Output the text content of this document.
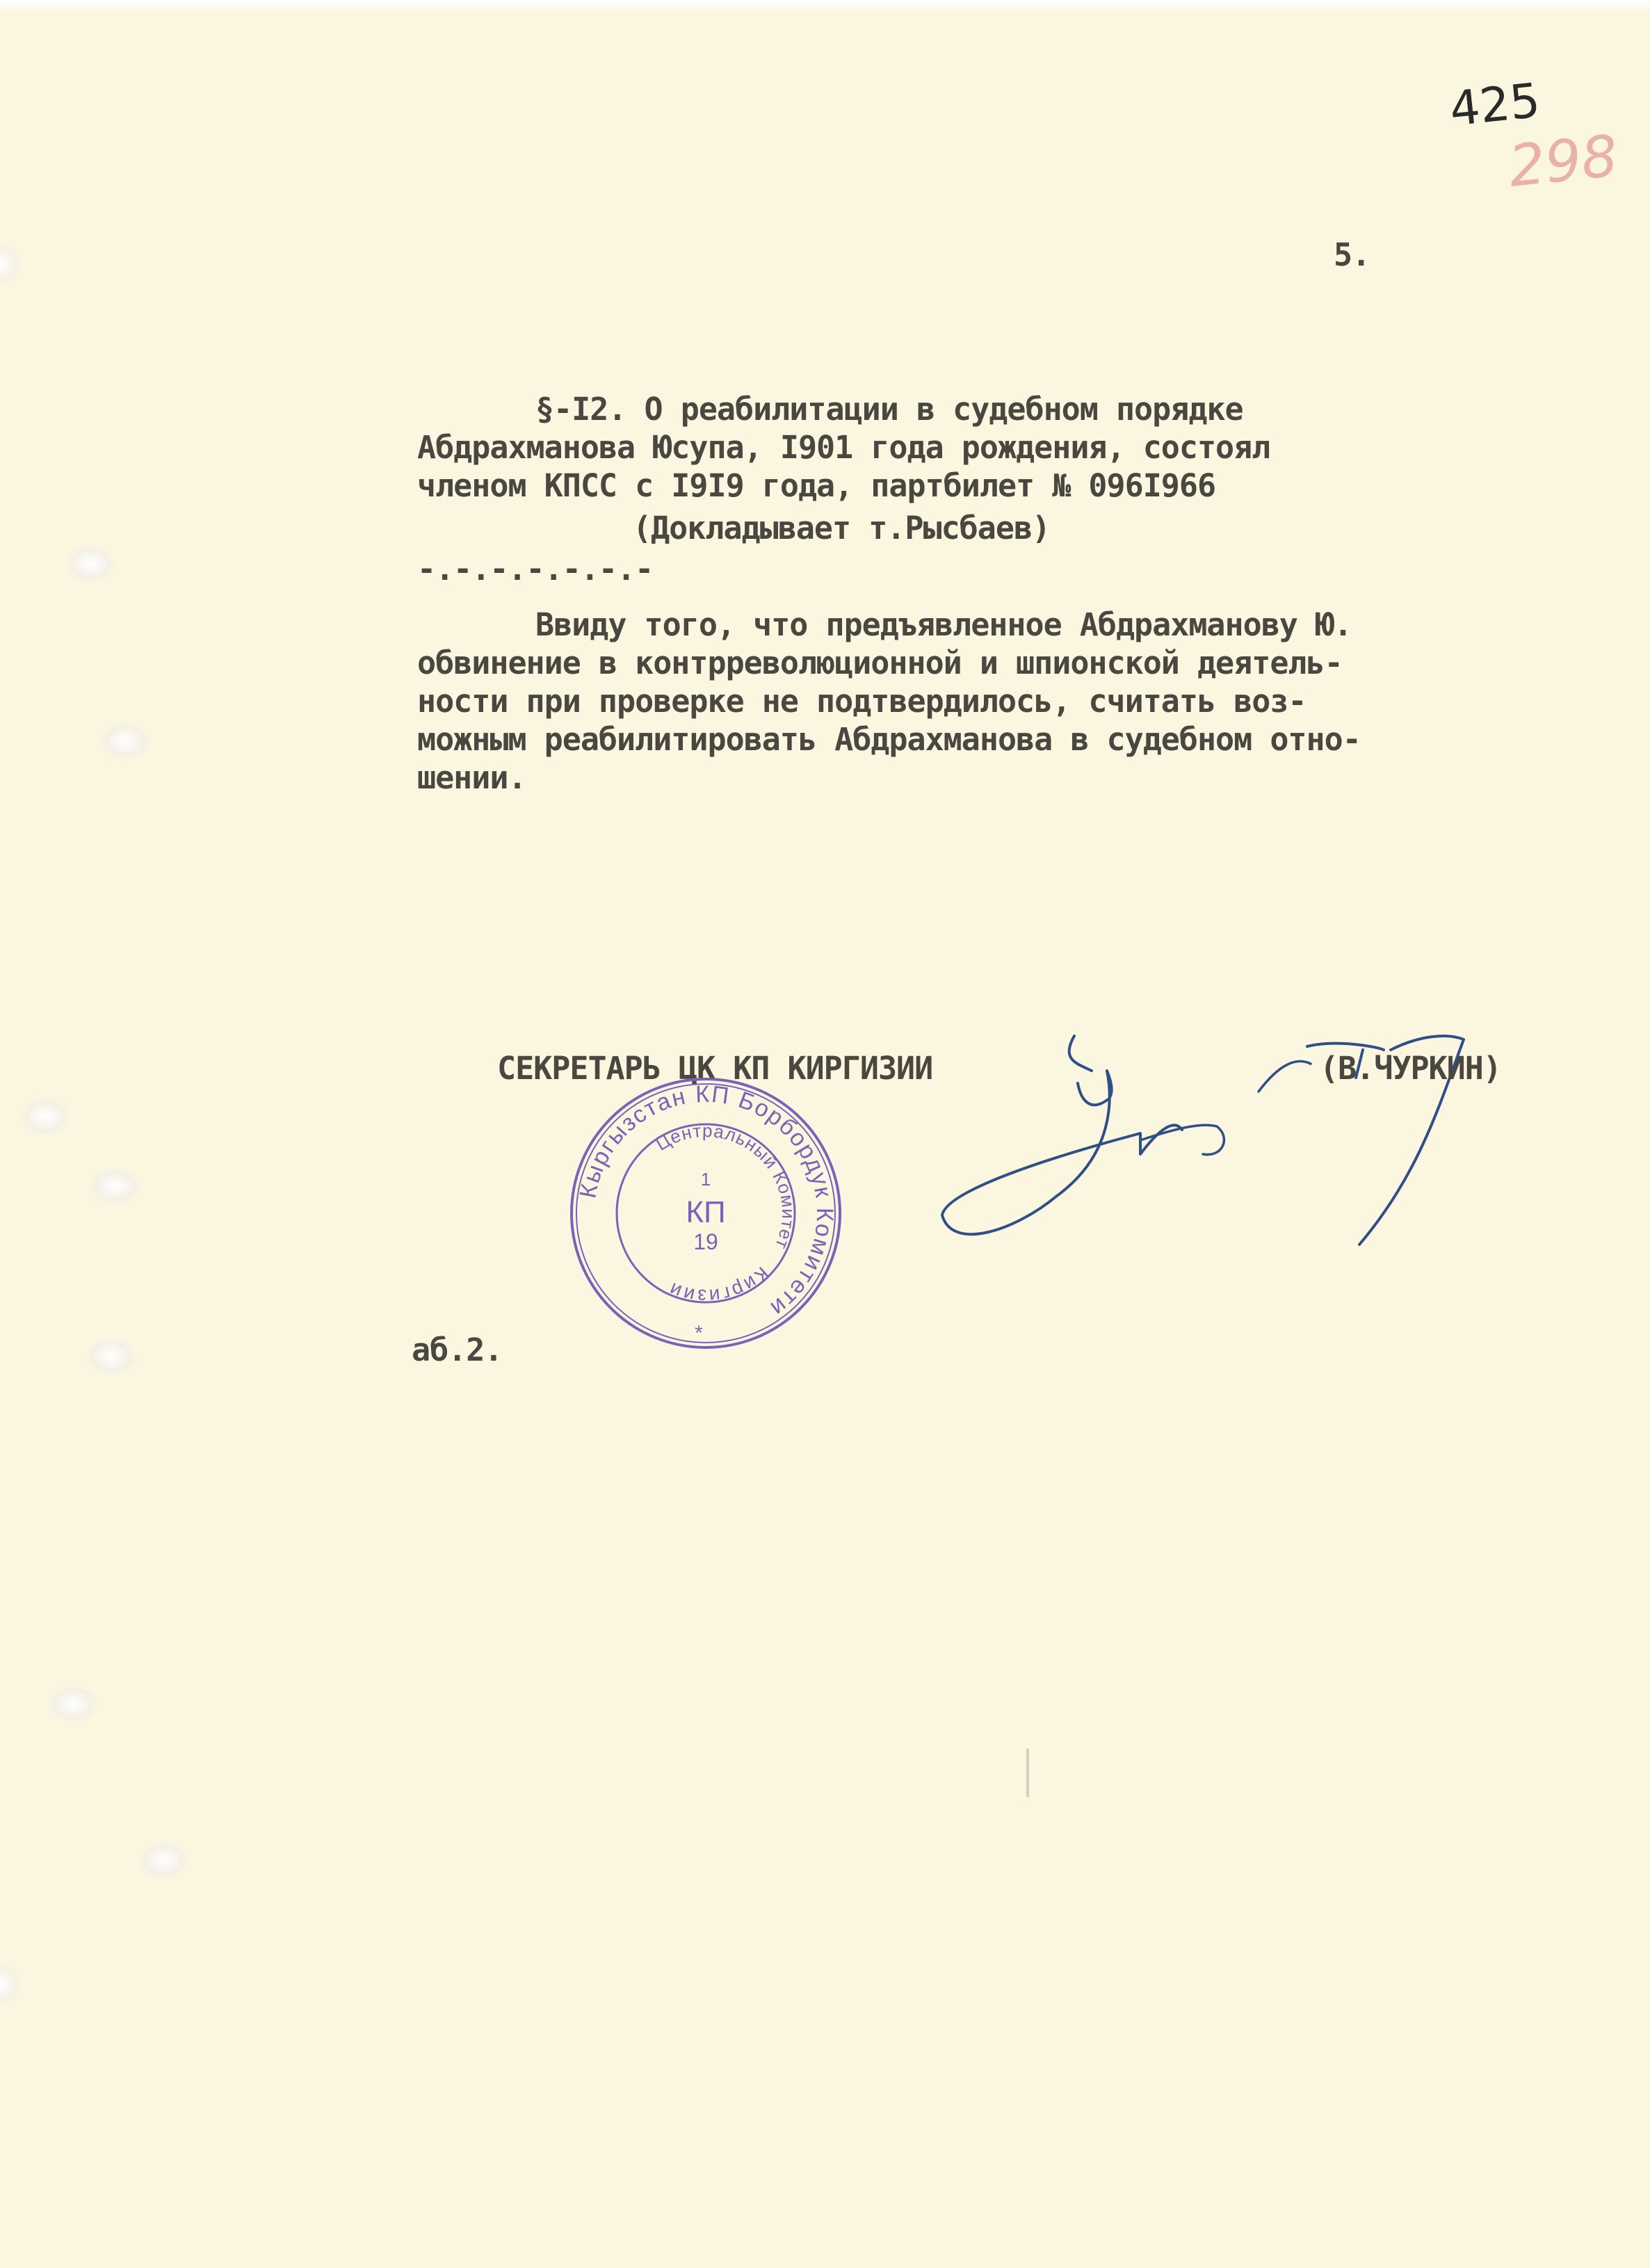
425
298
5.
§-I2. О реабилитации в судебном порядке
Абдрахманова Юсупа, I901 года рождения, состоял
членом КПСС с I9I9 года, партбилет № 096I966
(Докладывает т.Рысбаев)
-.-.-.-.-.-.-
Ввиду того, что предъявленное Абдрахманову Ю.
обвинение в контрреволюционной и шпионской деятель-
ности при проверке не подтвердилось, считать воз-
можным реабилитировать Абдрахманова в судебном отно-
шении.
СЕКРЕТАРЬ ЦК КП КИРГИЗИИ	(В.ЧУРКИН)
Кыргызстан КП Борбордук Комитети
Центральный Комитет
Киргизии
1
КП
19
*
аб.2.
